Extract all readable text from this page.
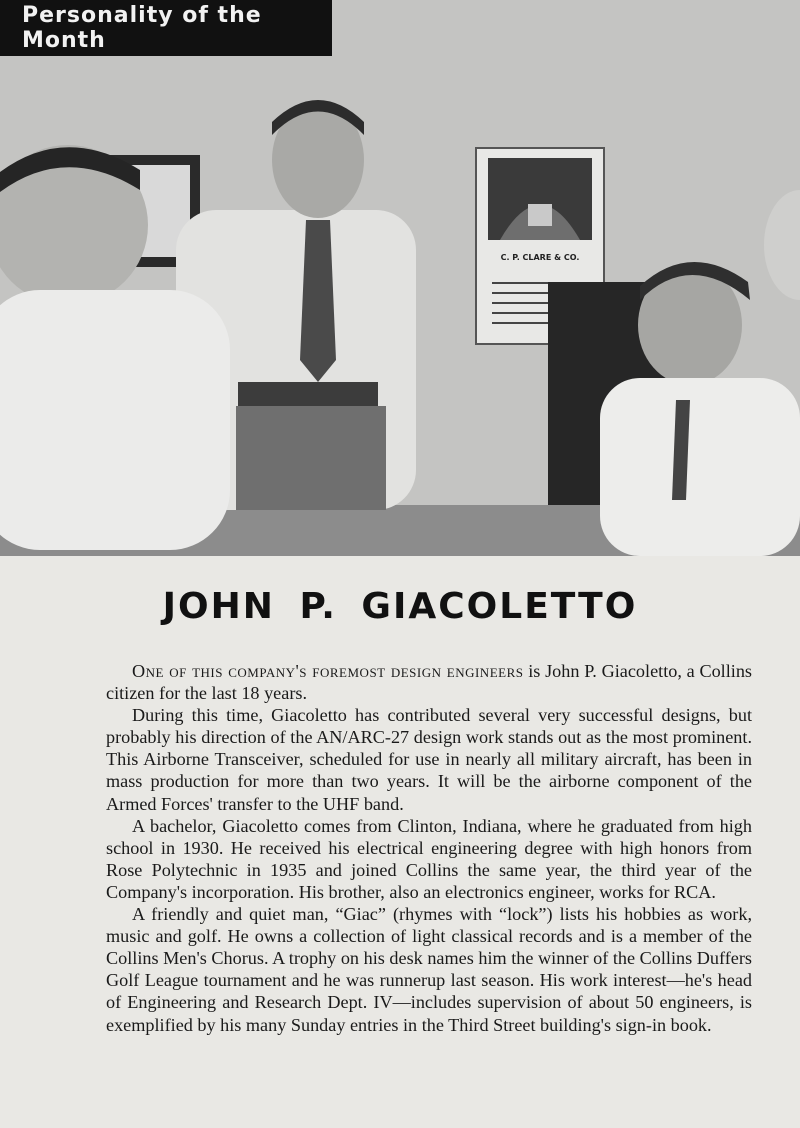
C. P. CLARE & CO.
Personality of the Month
JOHN P. GIACOLETTO

One of this company's foremost design engineers is John P. Giacoletto, a Collins citizen for the last 18 years.

During this time, Giacoletto has contributed several very successful designs, but probably his direction of the AN/ARC-27 design work stands out as the most prominent. This Airborne Transceiver, scheduled for use in nearly all military aircraft, has been in mass production for more than two years. It will be the airborne component of the Armed Forces' transfer to the UHF band.

A bachelor, Giacoletto comes from Clinton, Indiana, where he graduated from high school in 1930. He received his electrical engineering degree with high honors from Rose Polytechnic in 1935 and joined Collins the same year, the third year of the Company's incorporation. His brother, also an electronics engineer, works for RCA.

A friendly and quiet man, “Giac” (rhymes with “lock”) lists his hobbies as work, music and golf. He owns a collection of light classical records and is a member of the Collins Men's Chorus. A trophy on his desk names him the winner of the Collins Duffers Golf League tournament and he was runnerup last season. His work interest—he's head of Engineering and Research Dept. IV—includes supervision of about 50 engineers, is exemplified by his many Sunday entries in the Third Street building's sign-in book.
